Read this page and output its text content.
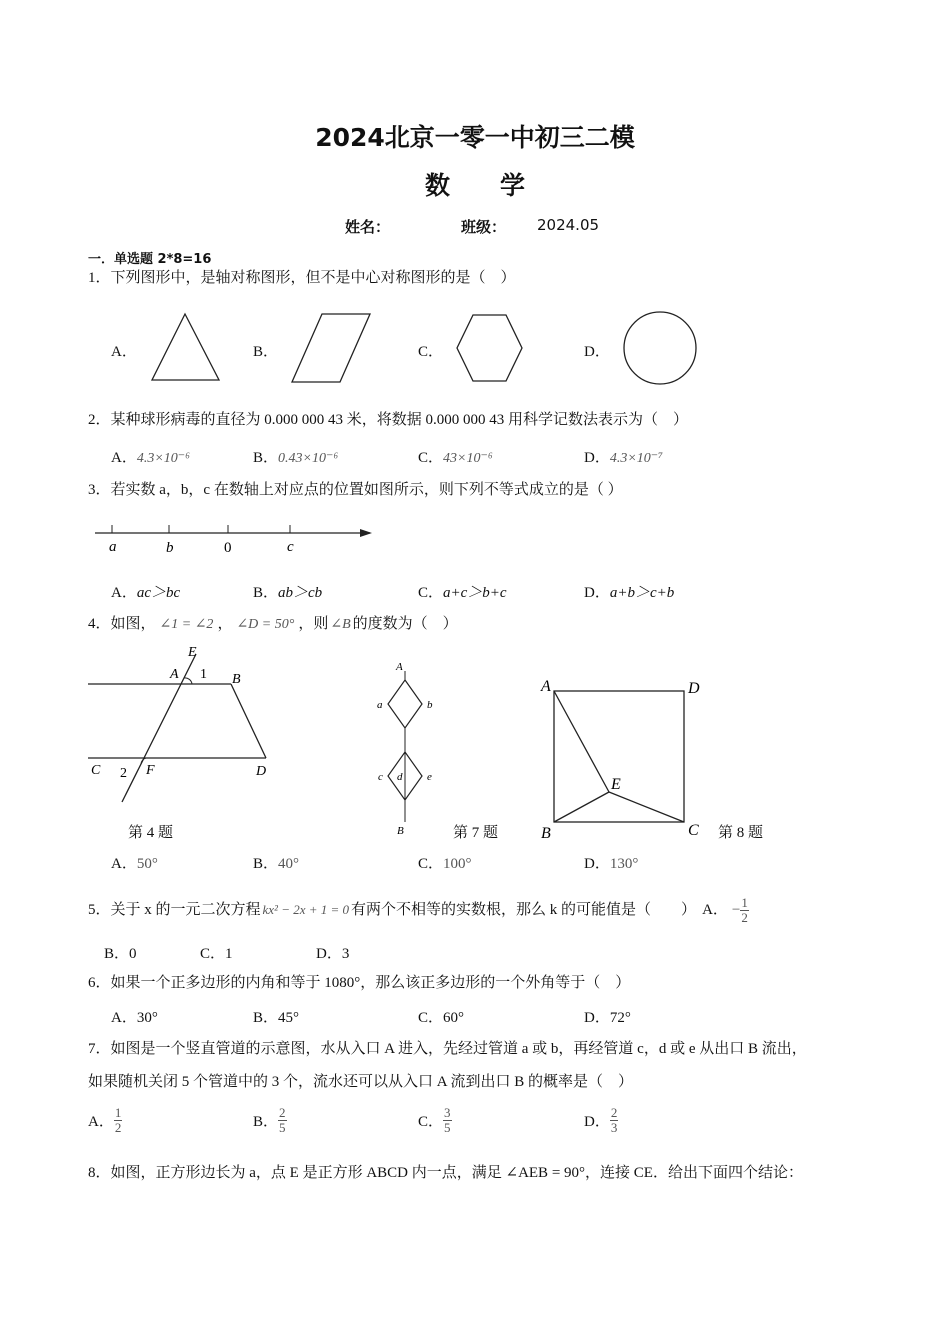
2024北京一零一中初三二模
数　　学
姓名：	班级： 2024.05
一．单选题 2*8=16
1．下列图形中，是轴对称图形，但不是中心对称图形的是（　）
A．	B．	C．	D．
2．某种球形病毒的直径为 0.000 000 43 米，将数据 0.000 000 43 用科学记数法表示为（　）
A．4.3×10⁻⁶	B．0.43×10⁻⁶	C．43×10⁻⁶	D．4.3×10⁻⁷
3．若实数 a，b，c 在数轴上对应点的位置如图所示，则下列不等式成立的是（ ）
a	b	0	c
A．ac＞bc	B．ab＞cb	C．a+c＞b+c	D．a+b＞c+b
4．如图， ∠1 = ∠2 ， ∠D = 50° ，则 ∠B 的度数为（　）
E
A 1 B
C 2 F	D
第 4 题
A
a	b
c d e
B	第 7 题
A	D
E
B	C 第 8 题
A．50°	B．40°	C．100°	D．130°
5．关于 x 的一元二次方程 kx² − 2x + 1 = 0 有两个不相等的实数根，那么 k 的可能值是（　　） A． − $\frac{1}{2}$
B．0	C．1	D．3
6．如果一个正多边形的内角和等于 1080°，那么该正多边形的一个外角等于（　）
A．30°	B．45°	C．60°	D．72°
7．如图是一个竖直管道的示意图，水从入口 A 进入，先经过管道 a 或 b，再经管道 c，d 或 e 从出口 B 流出，
如果随机关闭 5 个管道中的 3 个，流水还可以从入口 A 流到出口 B 的概率是（　）
A． $\frac{1}{2}$	B． $\frac{2}{5}$	C． $\frac{3}{5}$	D． $\frac{2}{3}$
8．如图，正方形边长为 a，点 E 是正方形 ABCD 内一点，满足 ∠AEB = 90°，连接 CE．给出下面四个结论：
